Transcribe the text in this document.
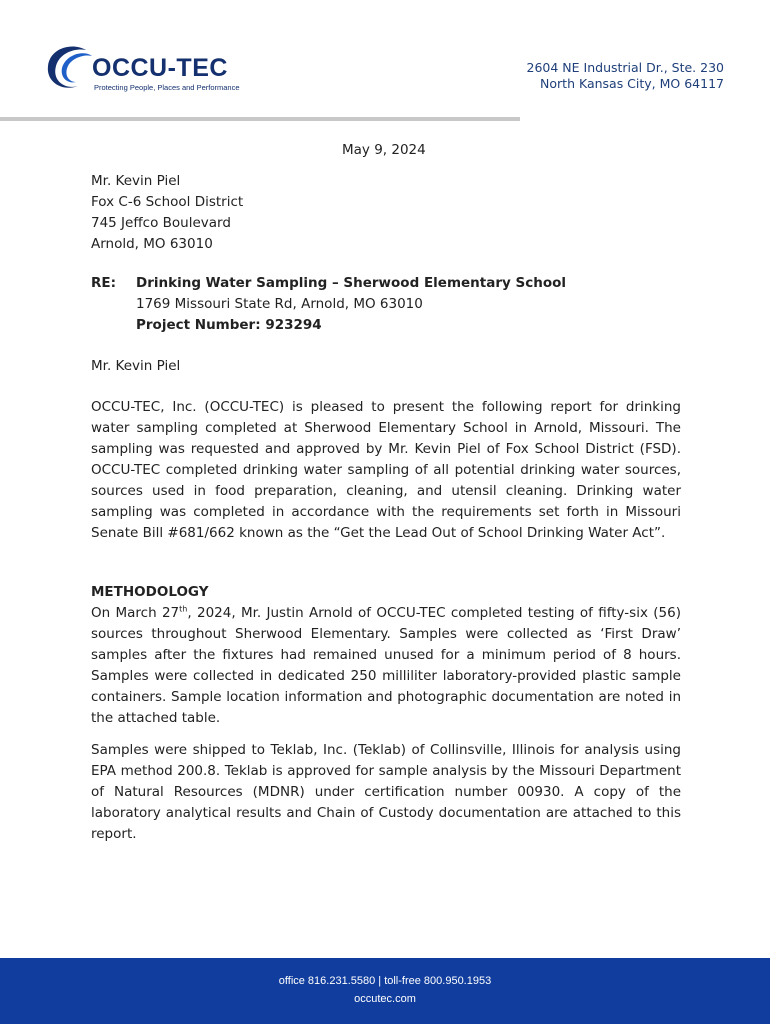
OCCU-TEC
Protecting People, Places and Performance
2604 NE Industrial Dr., Ste. 230
North Kansas City, MO 64117
May 9, 2024
Mr. Kevin Piel
Fox C-6 School District
745 Jeffco Boulevard
Arnold, MO 63010
RE: Drinking Water Sampling – Sherwood Elementary School
1769 Missouri State Rd, Arnold, MO 63010
Project Number: 923294
Mr. Kevin Piel

OCCU-TEC, Inc. (OCCU-TEC) is pleased to present the following report for drinking water sampling completed at Sherwood Elementary School in Arnold, Missouri. The sampling was requested and approved by Mr. Kevin Piel of Fox School District (FSD). OCCU-TEC completed drinking water sampling of all potential drinking water sources, sources used in food preparation, cleaning, and utensil cleaning. Drinking water sampling was completed in accordance with the requirements set forth in Missouri Senate Bill #681/662 known as the “Get the Lead Out of School Drinking Water Act”.

METHODOLOGY

On March 27th, 2024, Mr. Justin Arnold of OCCU-TEC completed testing of fifty-six (56) sources throughout Sherwood Elementary. Samples were collected as ‘First Draw’ samples after the fixtures had remained unused for a minimum period of 8 hours. Samples were collected in dedicated 250 milliliter laboratory-provided plastic sample containers. Sample location information and photographic documentation are noted in the attached table.

Samples were shipped to Teklab, Inc. (Teklab) of Collinsville, Illinois for analysis using EPA method 200.8. Teklab is approved for sample analysis by the Missouri Department of Natural Resources (MDNR) under certification number 00930. A copy of the laboratory analytical results and Chain of Custody documentation are attached to this report.

office 816.231.5580 | toll-free 800.950.1953
occutec.com
